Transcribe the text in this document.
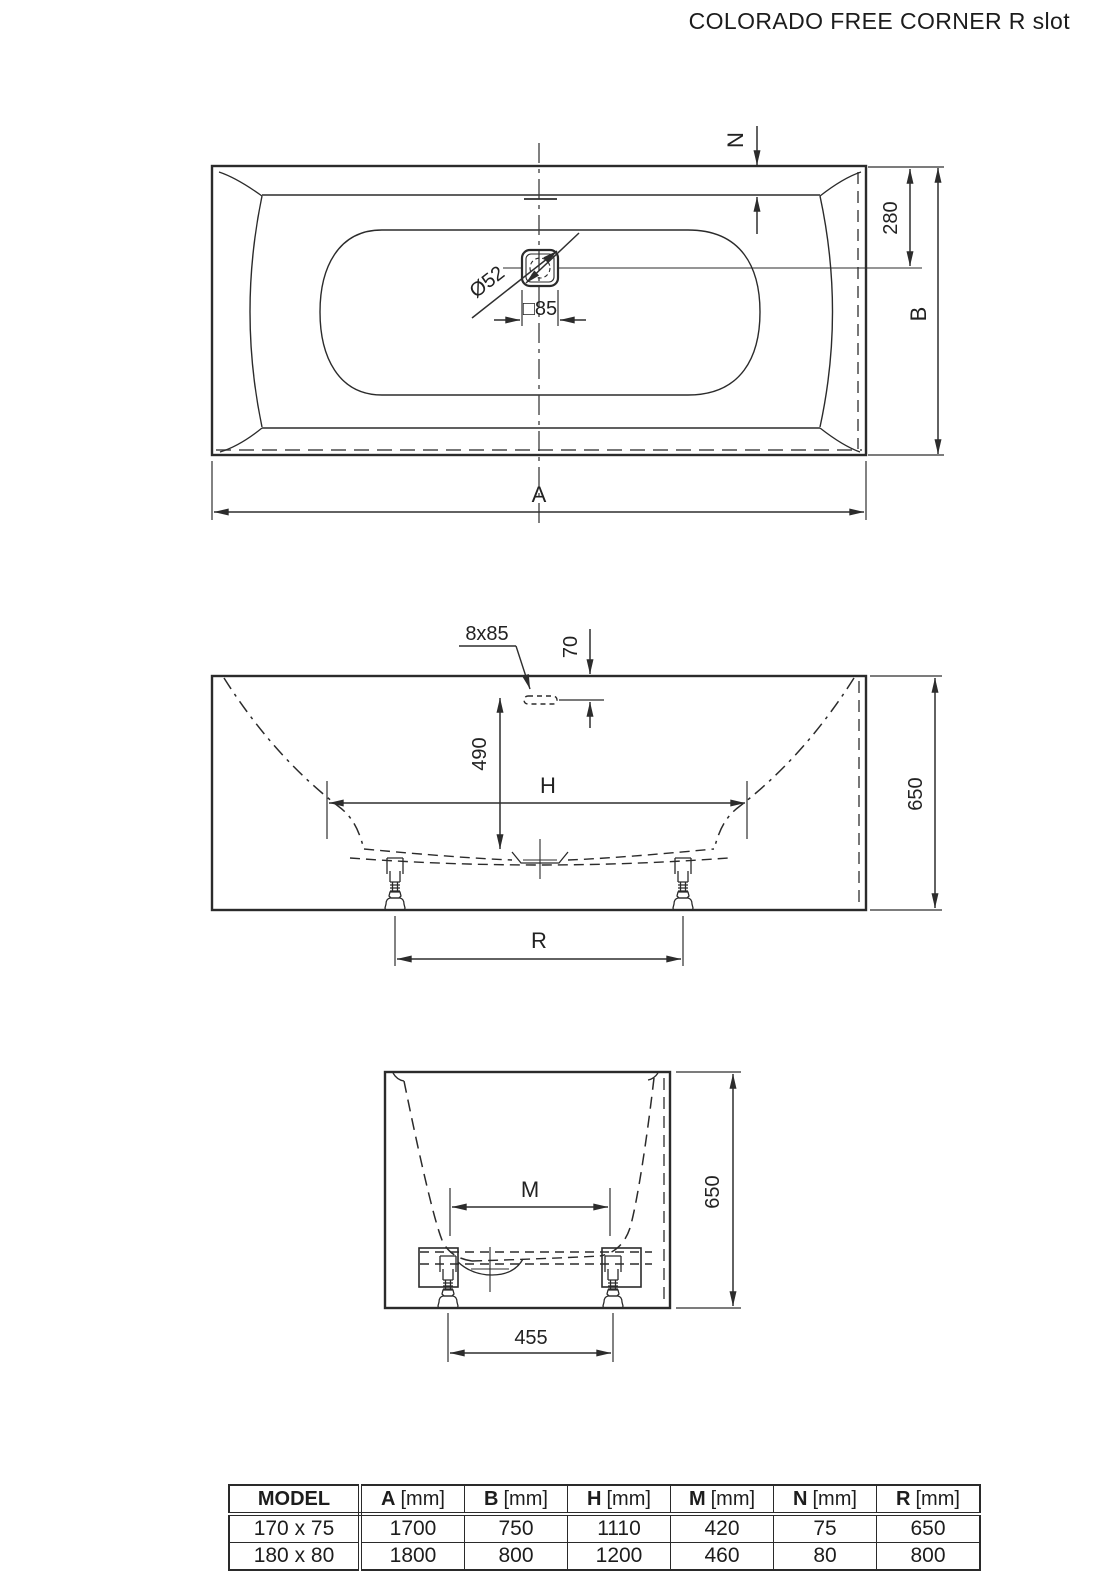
COLORADO FREE CORNER R slot
Ø52
□85
N
280
B
A
8x85
70
490
H	650
R
M	650
455
MODEL	A [mm]	B [mm]	H [mm]	M [mm]	N [mm]	R [mm]
170 x 75	1700	750	1110	420	75	650
180 x 80	1800	800	1200	460	80	800
